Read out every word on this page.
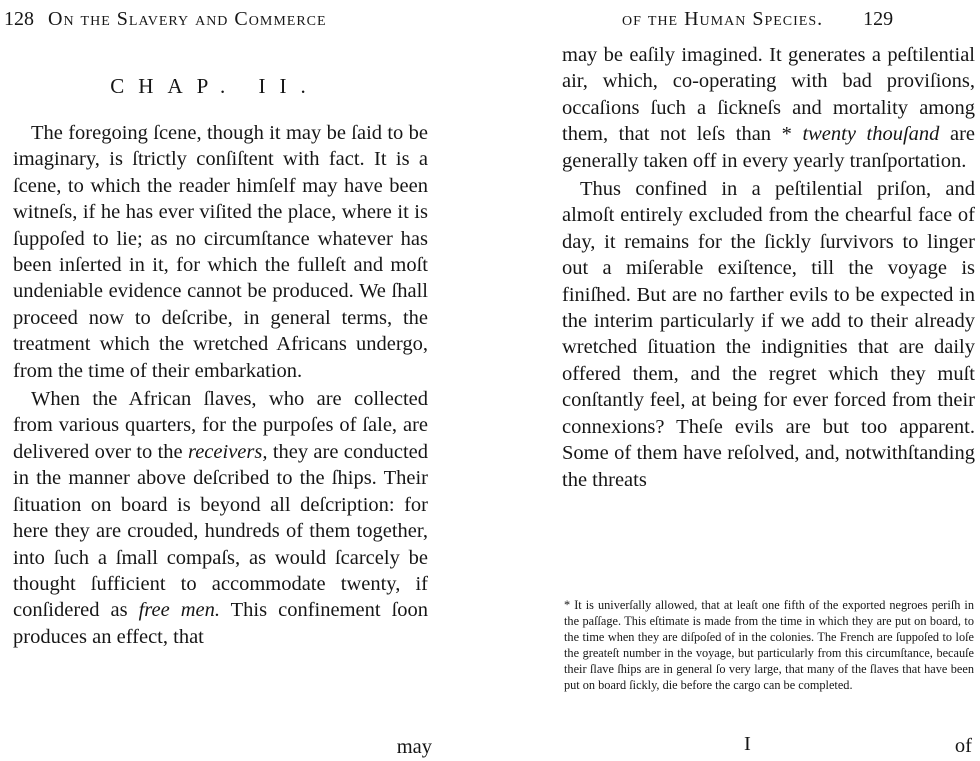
128 On the Slavery and Commerce
CHAP. II.

The foregoing ſcene, though it may be ſaid to be imaginary, is ſtrictly conſiſtent with fact. It is a ſcene, to which the reader himſelf may have been witneſs, if he has ever viſited the place, where it is ſuppoſed to lie; as no circumſtance whatever has been inſerted in it, for which the fulleſt and moſt undeniable evidence cannot be produced. We ſhall proceed now to deſcribe, in general terms, the treatment which the wretched Africans undergo, from the time of their embarkation.

When the African ſlaves, who are collected from various quarters, for the purpoſes of ſale, are delivered over to the receivers, they are conducted in the manner above deſcribed to the ſhips. Their ſituation on board is beyond all deſcription: for here they are crouded, hundreds of them together, into ſuch a ſmall compaſs, as would ſcarcely be thought ſufficient to accommodate twenty, if conſidered as free men. This confinement ſoon produces an effect, that

may
of the Human Species. 129

may be eaſily imagined. It generates a peſtilential air, which, co-operating with bad proviſions, occaſions ſuch a ſickneſs and mortality among them, that not leſs than * twenty thouſand are generally taken off in every yearly tranſportation.

Thus confined in a peſtilential priſon, and almoſt entirely excluded from the chearful face of day, it remains for the ſickly ſurvivors to linger out a miſerable exiſtence, till the voyage is finiſhed. But are no farther evils to be expected in the interim particularly if we add to their already wretched ſituation the indignities that are daily offered them, and the regret which they muſt conſtantly feel, at being for ever forced from their connexions? Theſe evils are but too apparent. Some of them have reſolved, and, notwithſtanding the threats

* It is univerſally allowed, that at leaſt one fifth of the exported negroes periſh in the paſſage. This eſtimate is made from the time in which they are put on board, to the time when they are diſpoſed of in the colonies. The French are ſuppoſed to loſe the greateſt number in the voyage, but particularly from this circumſtance, becauſe their ſlave ſhips are in general ſo very large, that many of the ſlaves that have been put on board ſickly, die before the cargo can be completed.
I	of
